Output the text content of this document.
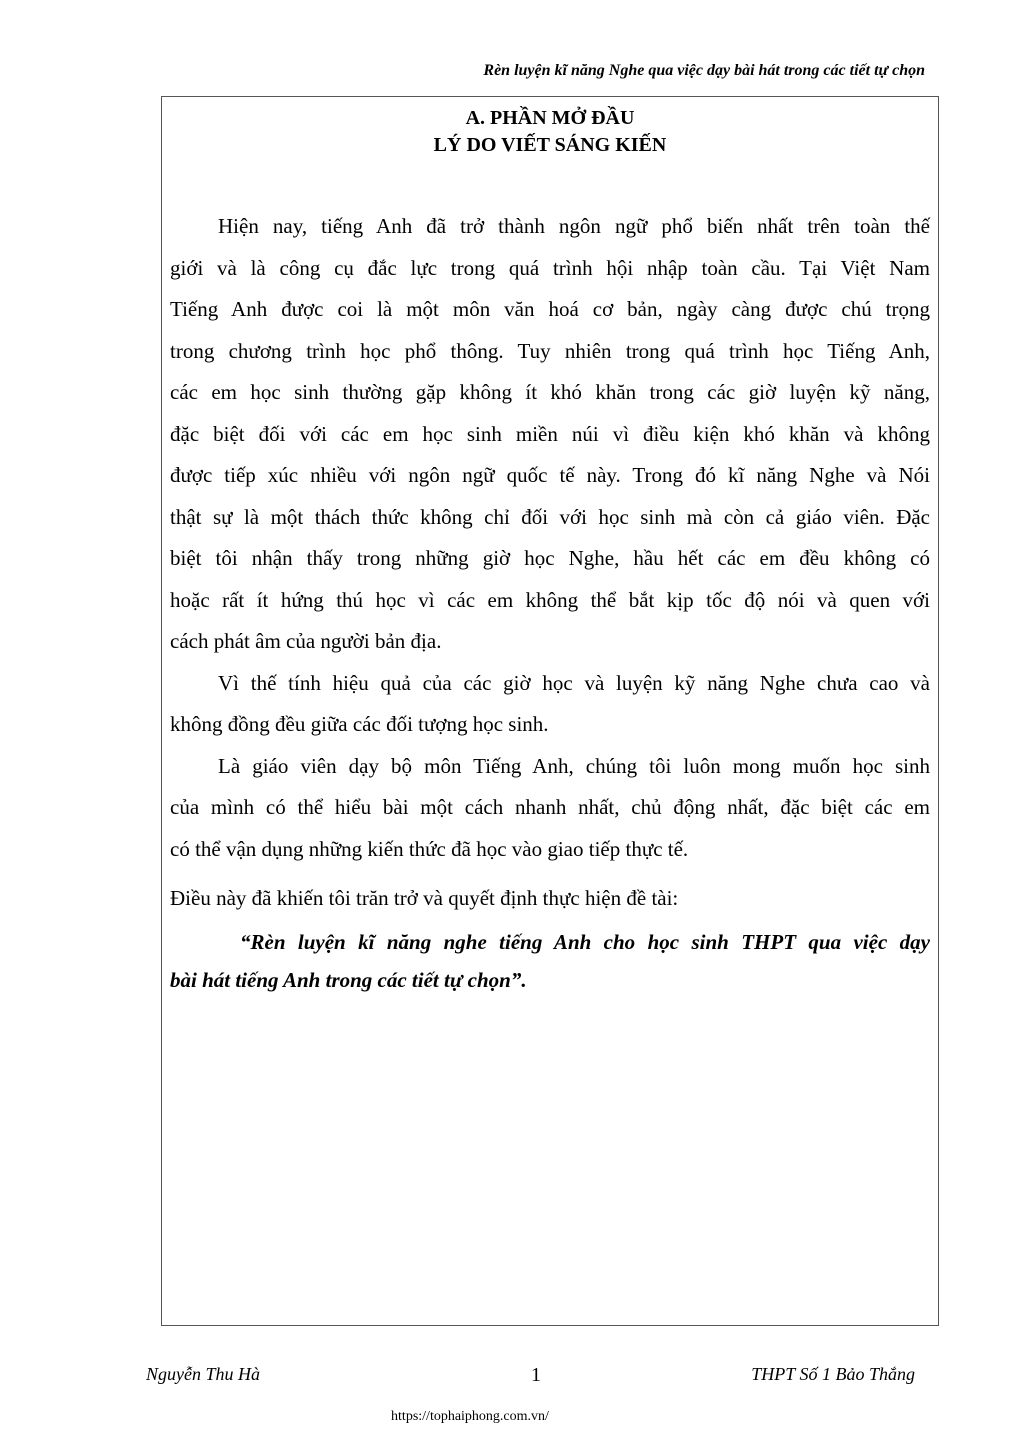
Rèn luyện kĩ năng Nghe qua việc dạy bài hát trong các tiết tự chọn
A. PHẦN MỞ ĐẦU
LÝ DO VIẾT SÁNG KIẾN
Hiện nay, tiếng Anh đã trở thành ngôn ngữ phổ biến nhất trên toàn thế
giới và là công cụ đắc lực trong quá trình hội nhập toàn cầu. Tại Việt Nam
Tiếng Anh được coi là một môn văn hoá cơ bản, ngày càng được chú trọng
trong chương trình học phổ thông. Tuy nhiên trong quá trình học Tiếng Anh,
các em học sinh thường gặp không ít khó khăn trong các giờ luyện kỹ năng,
đặc biệt đối với các em học sinh miền núi vì điều kiện khó khăn và không
được tiếp xúc nhiều với ngôn ngữ quốc tế này. Trong đó kĩ năng Nghe và Nói
thật sự là một thách thức không chỉ đối với học sinh mà còn cả giáo viên. Đặc
biệt tôi nhận thấy trong những giờ học Nghe, hầu hết các em đều không có
hoặc rất ít hứng thú học vì các em không thể bắt kịp tốc độ nói và quen với
cách phát âm của người bản địa.
Vì thế tính hiệu quả của các giờ học và luyện kỹ năng Nghe chưa cao và
không đồng đều giữa các đối tượng học sinh.
Là giáo viên dạy bộ môn Tiếng Anh, chúng tôi luôn mong muốn học sinh
của mình có thể hiểu bài một cách nhanh nhất, chủ động nhất, đặc biệt các em
có thể vận dụng những kiến thức đã học vào giao tiếp thực tế.
Điều này đã khiến tôi trăn trở và quyết định thực hiện đề tài:
“Rèn luyện kĩ năng nghe tiếng Anh cho học sinh THPT qua việc dạy
bài hát tiếng Anh trong các tiết tự chọn”.
Nguyễn Thu Hà	1	THPT Số 1 Bảo Thắng
https://tophaiphong.com.vn/
